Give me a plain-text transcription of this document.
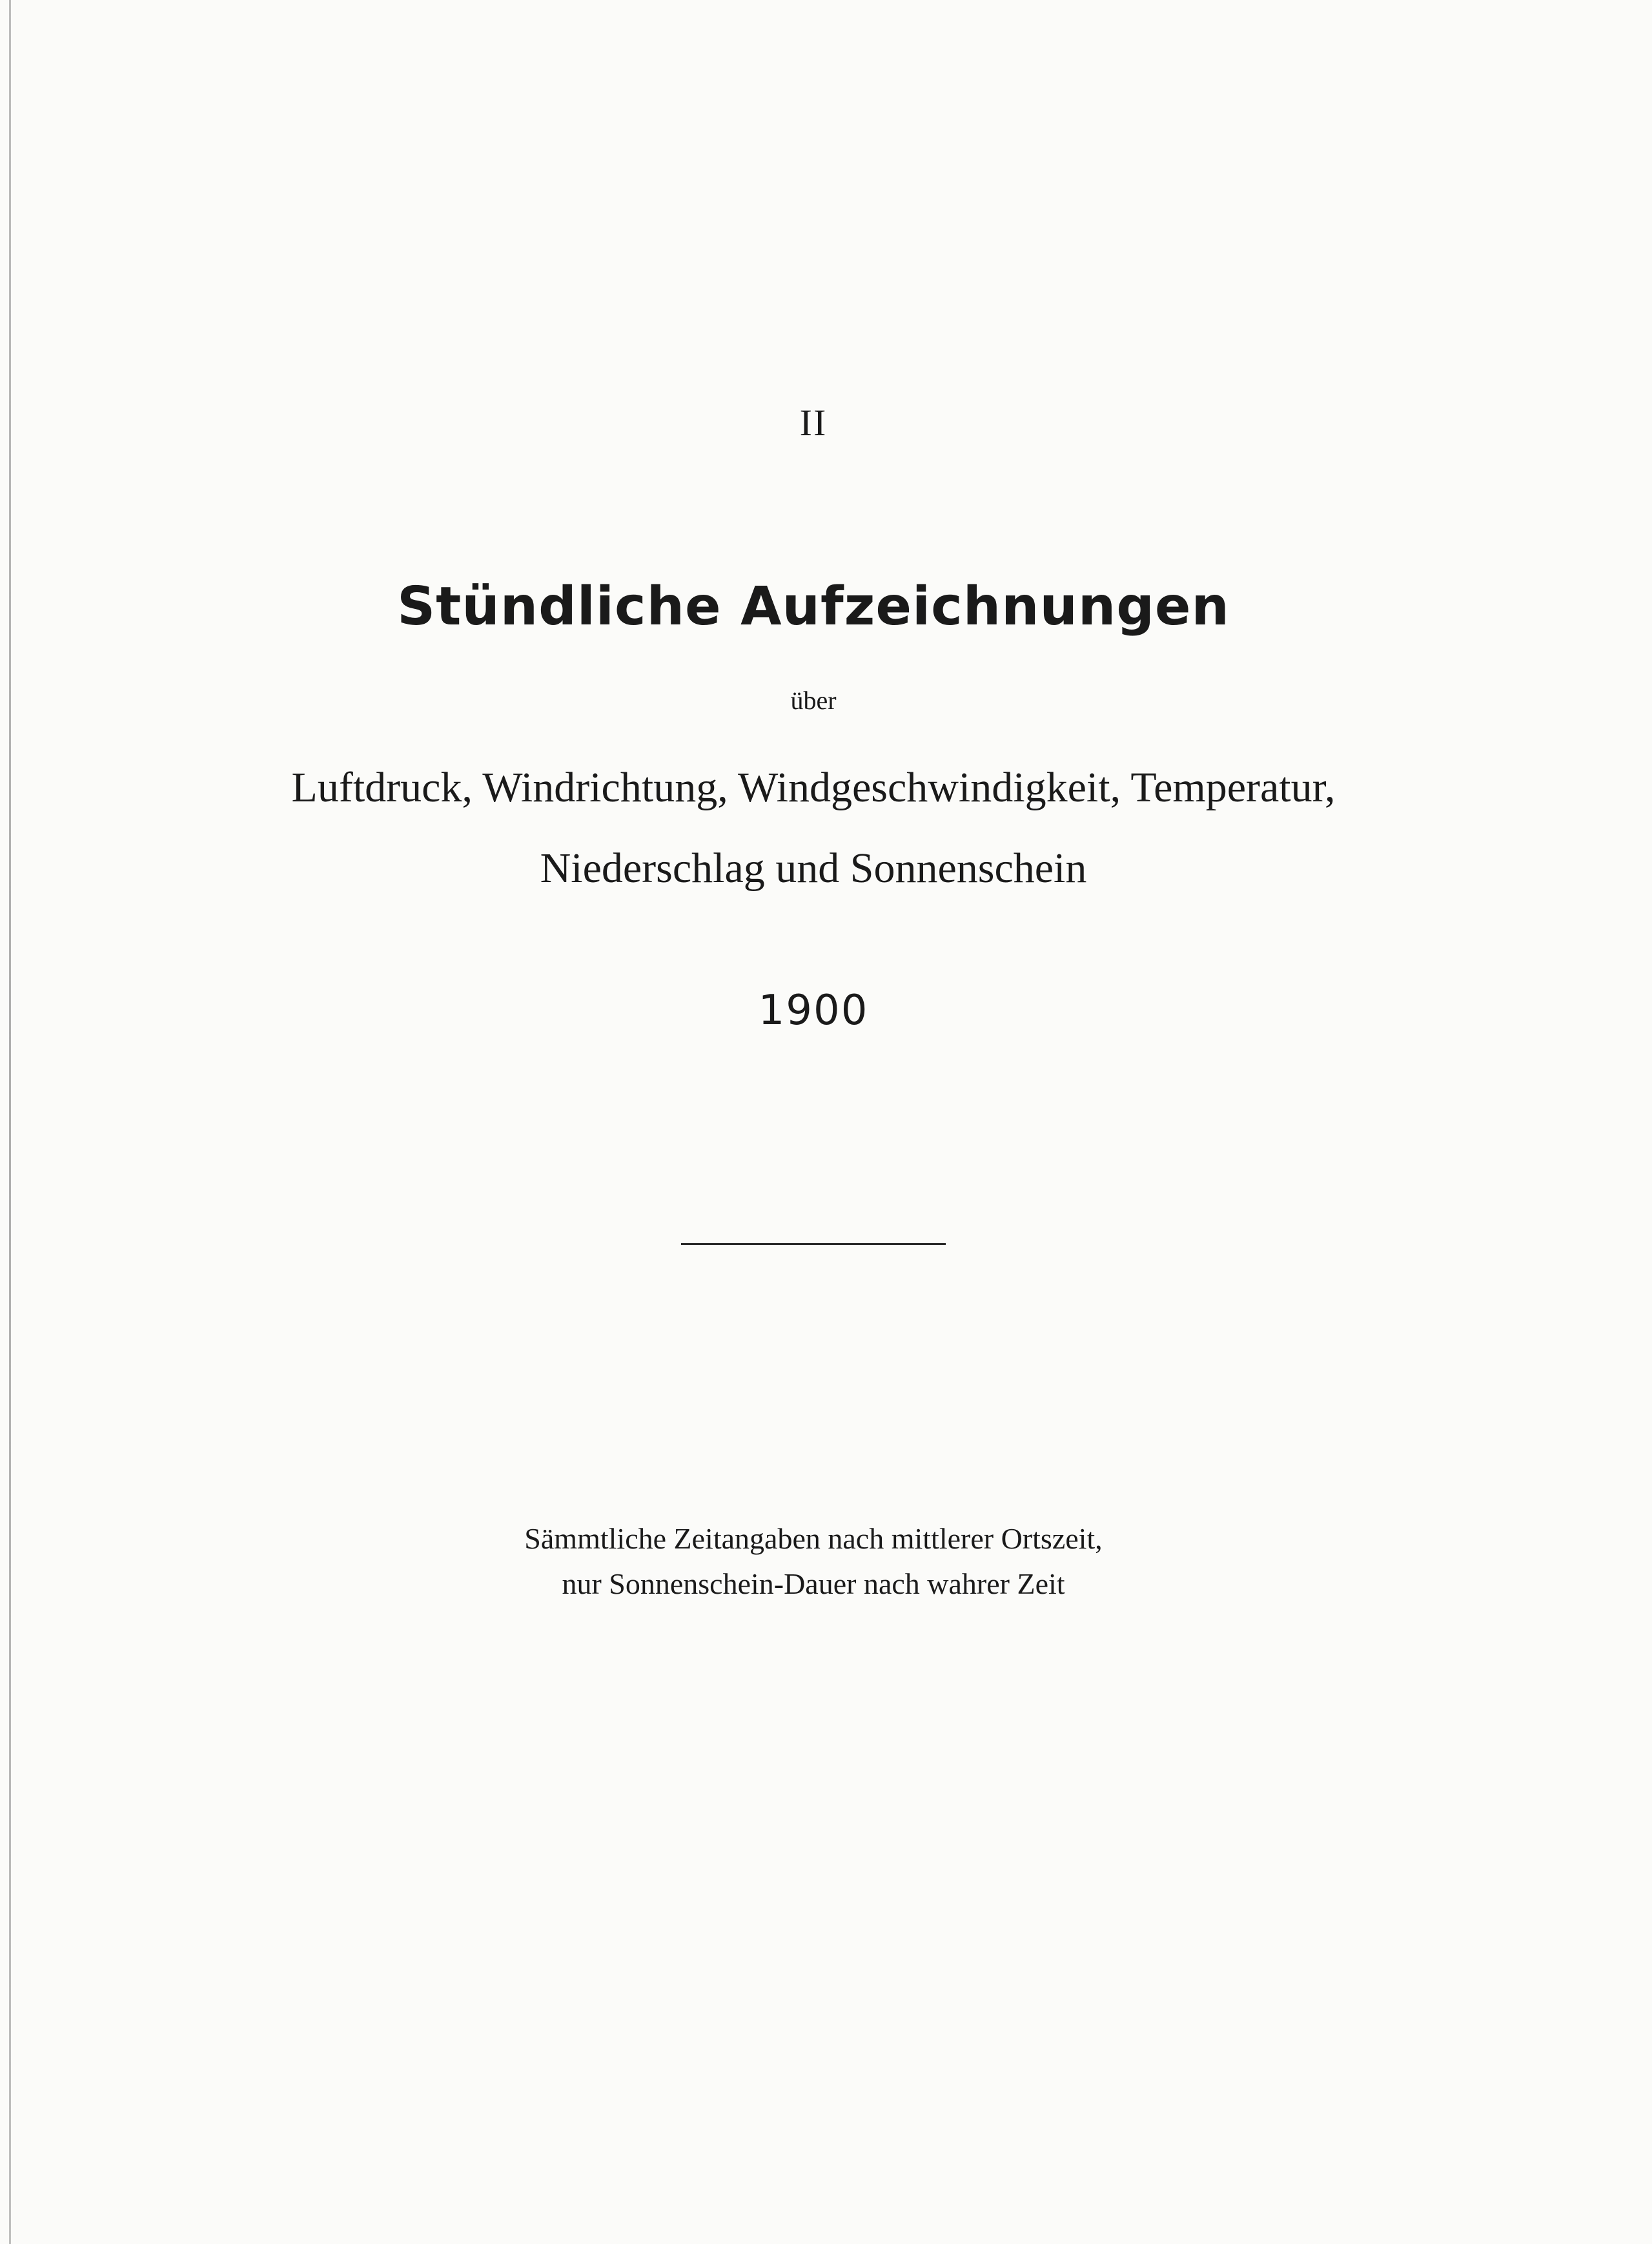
II
Stündliche Aufzeichnungen
über
Luftdruck, Windrichtung, Windgeschwindigkeit, Temperatur,
Niederschlag und Sonnenschein
1900
Sämmtliche Zeitangaben nach mittlerer Ortszeit,
nur Sonnenschein-Dauer nach wahrer Zeit
